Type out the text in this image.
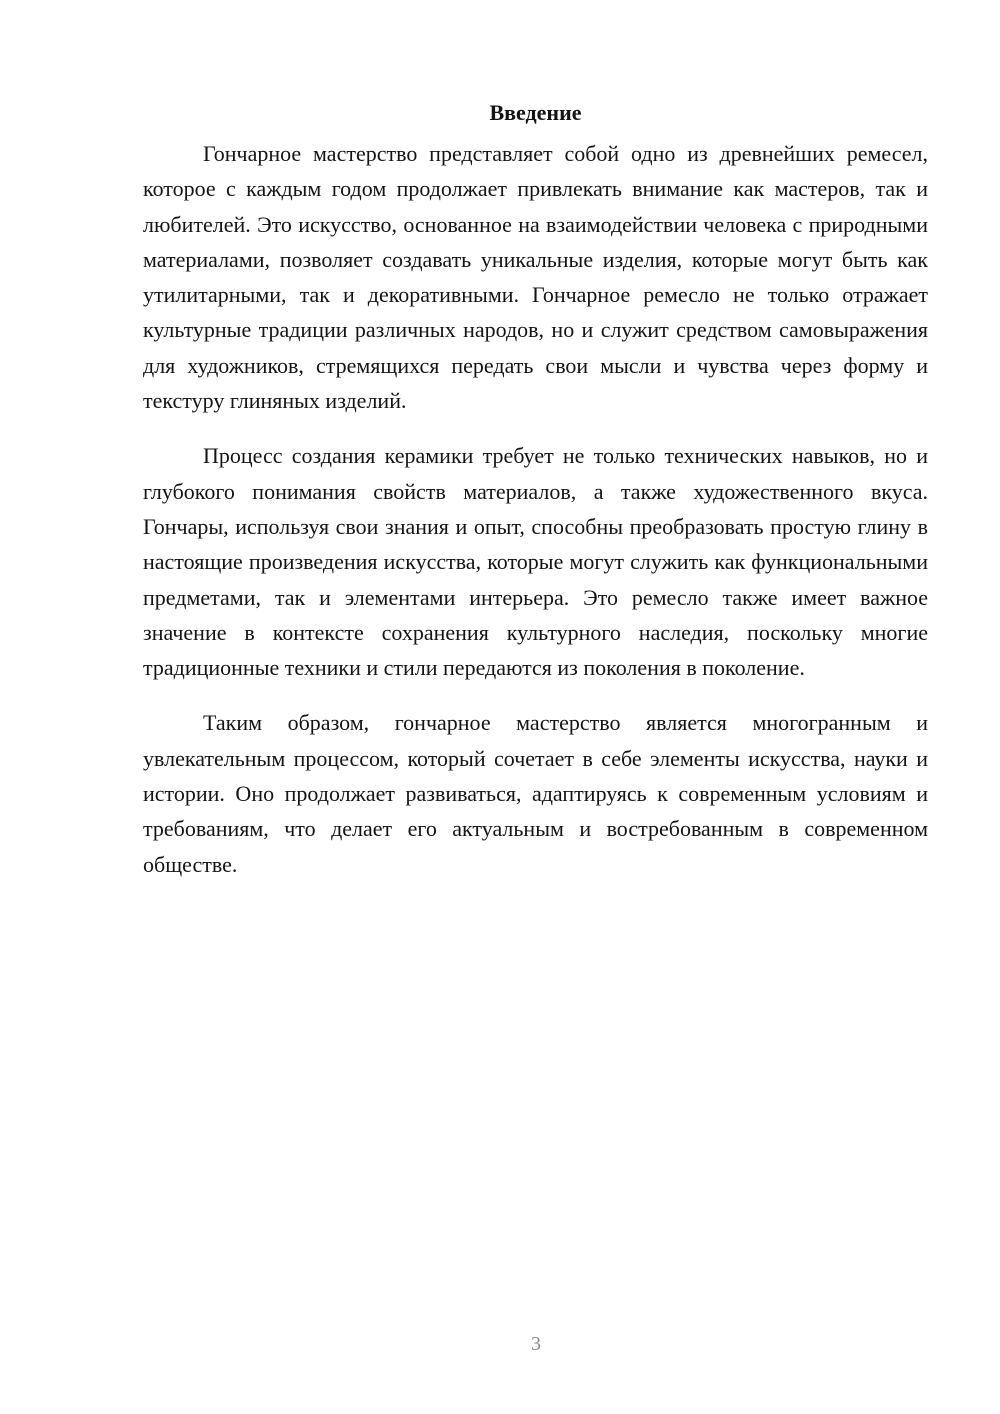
Введение

Гончарное мастерство представляет собой одно из древнейших ремесел, которое с каждым годом продолжает привлекать внимание как мастеров, так и любителей. Это искусство, основанное на взаимодействии человека с природными материалами, позволяет создавать уникальные изделия, которые могут быть как утилитарными, так и декоративными. Гончарное ремесло не только отражает культурные традиции различных народов, но и служит средством самовыражения для художников, стремящихся передать свои мысли и чувства через форму и текстуру глиняных изделий.

Процесс создания керамики требует не только технических навыков, но и глубокого понимания свойств материалов, а также художественного вкуса. Гончары, используя свои знания и опыт, способны преобразовать простую глину в настоящие произведения искусства, которые могут служить как функциональными предметами, так и элементами интерьера. Это ремесло также имеет важное значение в контексте сохранения культурного наследия, поскольку многие традиционные техники и стили передаются из поколения в поколение.

Таким образом, гончарное мастерство является многогранным и увлекательным процессом, который сочетает в себе элементы искусства, науки и истории. Оно продолжает развиваться, адаптируясь к современным условиям и требованиям, что делает его актуальным и востребованным в современном обществе.

3
